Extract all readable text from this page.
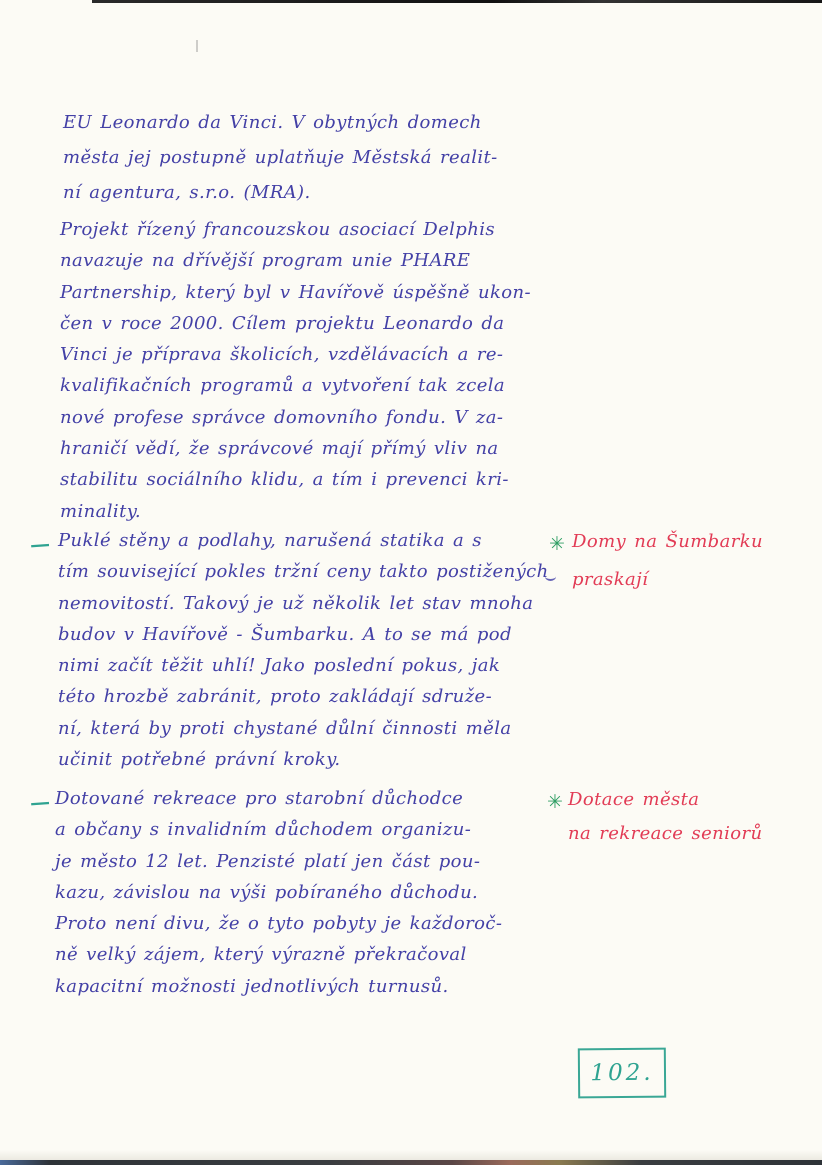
EU Leonardo da Vinci. V obytných domech
města jej postupně uplatňuje Městská realit-
ní agentura, s.r.o. (MRA).
Projekt řízený francouzskou asociací Delphis
navazuje na dřívější program unie PHARE
Partnership, který byl v Havířově úspěšně ukon-
čen v roce 2000. Cílem projektu Leonardo da
Vinci je příprava školicích, vzdělávacích a re-
kvalifikačních programů a vytvoření tak zcela
nové profese správce domovního fondu. V za-
hraničí vědí, že správcové mají přímý vliv na
stabilitu sociálního klidu, a tím i prevenci kri-
minality.
— Puklé stěny a podlahy, narušená statika a s
tím související pokles tržní ceny takto postižených
nemovitostí. Takový je už několik let stav mnoha
budov v Havířově - Šumbarku. A to se má pod
nimi začít těžit uhlí! Jako poslední pokus, jak
této hrozbě zabránit, proto zakládají sdruže-
ní, která by proti chystané důlní činnosti měla
učinit potřebné právní kroky.
— Dotované rekreace pro starobní důchodce
a občany s invalidním důchodem organizu-
je město 12 let. Penzisté platí jen část pou-
kazu, závislou na výši pobíraného důchodu.
Proto není divu, že o tyto pobyty je každoroč-
ně velký zájem, který výrazně překračoval
kapacitní možnosti jednotlivých turnusů.
✳ Domy na Šumbarku
praskají
✳ Dotace města
na rekreace seniorů
102.
